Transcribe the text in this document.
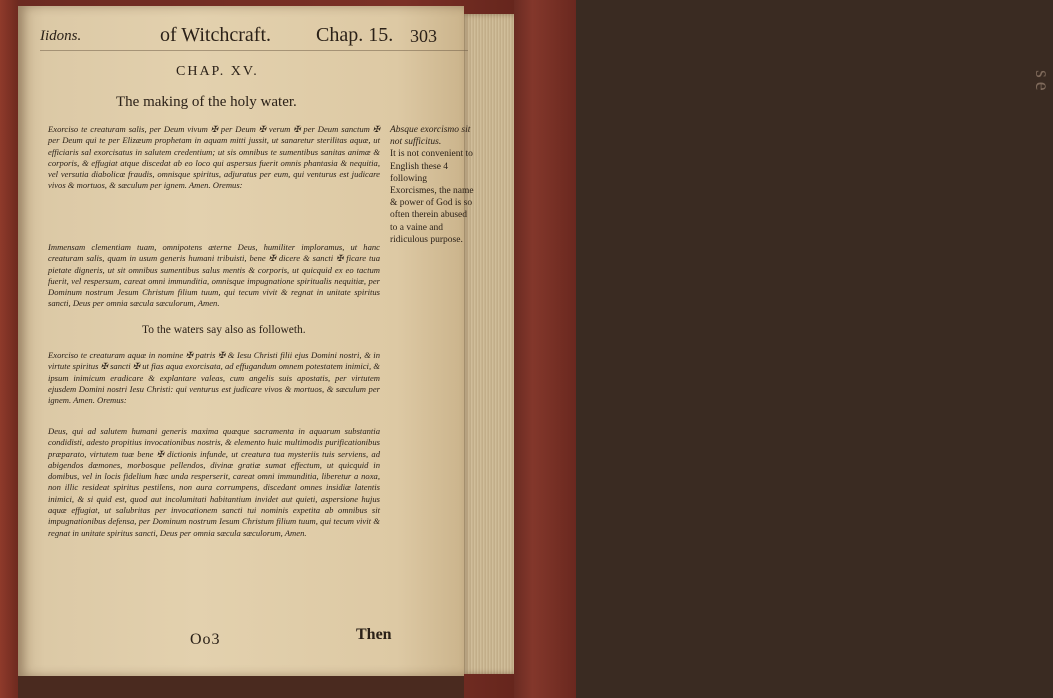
se
Iidons.	of Witchcraft. Chap. 15. 303
CHAP. XV.
The making of the holy water.
Exorciso te creaturam salis, per Deum vivum ✠ per Deum ✠ verum ✠ per Deum sanctum ✠ per Deum qui te per Elizæum prophetam in aquam mitti jussit, ut sanaretur sterilitas aquæ, ut efficiaris sal exorcisatus in salutem credentium; ut sis omnibus te sumentibus sanitas animæ & corporis, & effugiat atque discedat ab eo loco qui aspersus fuerit omnis phantasia & nequitia, vel versutia diabolicæ fraudis, omnisque spiritus, adjuratus per eum, qui venturus est judicare vivos & mortuos, & sæculum per ignem. Amen. Oremus:
Absque exorcismo sit not sufficitus.
It is not convenient to English these 4 following Exorcismes, the name & power of God is so often therein abused to a vaine and ridiculous purpose.
Immensam clementiam tuam, omnipotens æterne Deus, humiliter imploramus, ut hanc creaturam salis, quam in usum generis humani tribuisti, bene ✠ dicere & sancti ✠ ficare tua pietate digneris, ut sit omnibus sumentibus salus mentis & corporis, ut quicquid ex eo tactum fuerit, vel respersum, careat omni immunditia, omnisque impugnatione spiritualis nequitiæ, per Dominum nostrum Jesum Christum filium tuum, qui tecum vivit & regnat in unitate spiritus sancti, Deus per omnia sæcula sæculorum, Amen.
To the waters say also as followeth.
Exorciso te creaturam aquæ in nomine ✠ patris ✠ & Iesu Christi filii ejus Domini nostri, & in virtute spiritus ✠ sancti ✠ ut fias aqua exorcisata, ad effugandum omnem potestatem inimici, & ipsum inimicum eradicare & explantare valeas, cum angelis suis apostatis, per virtutem ejusdem Domini nostri Iesu Christi: qui venturus est judicare vivos & mortuos, & sæculum per ignem. Amen. Oremus:
Deus, qui ad salutem humani generis maxima quæque sacramenta in aquarum substantia condidisti, adesto propitius invocationibus nostris, & elemento huic multimodis purificationibus præparato, virtutem tuæ bene ✠ dictionis infunde, ut creatura tua mysteriis tuis serviens, ad abigendos dæmones, morbosque pellendos, divinæ gratiæ sumat effectum, ut quicquid in domibus, vel in locis fidelium hæc unda resperserit, careat omni immunditia, liberetur a noxa, non illic resideat spiritus pestilens, non aura corrumpens, discedant omnes insidiæ latentis inimici, & si quid est, quod aut incolumitati habitantium invidet aut quieti, aspersione hujus aquæ effugiat, ut salubritas per invocationem sancti tui nominis expetita ab omnibus sit impugnationibus defensa, per Dominum nostrum Iesum Christum filium tuum, qui tecum vivit & regnat in unitate spiritus sancti, Deus per omnia sæcula sæculorum, Amen.
Oo3	Then
